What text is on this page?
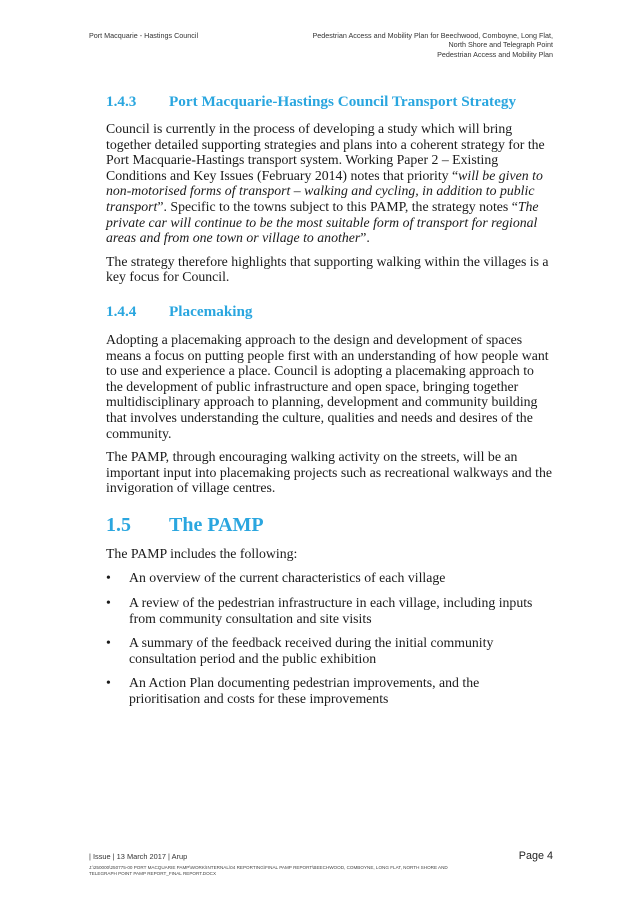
Port Macquarie - Hastings Council	Pedestrian Access and Mobility Plan for Beechwood, Comboyne, Long Flat,
North Shore and Telegraph Point
Pedestrian Access and Mobility Plan
1.4.3 Port Macquarie-Hastings Council Transport Strategy

Council is currently in the process of developing a study which will bring together detailed supporting strategies and plans into a coherent strategy for the Port Macquarie-Hastings transport system. Working Paper 2 – Existing Conditions and Key Issues (February 2014) notes that priority “will be given to non-motorised forms of transport – walking and cycling, in addition to public transport”. Specific to the towns subject to this PAMP, the strategy notes “The private car will continue to be the most suitable form of transport for regional areas and from one town or village to another”.

The strategy therefore highlights that supporting walking within the villages is a key focus for Council.

1.4.4 Placemaking

Adopting a placemaking approach to the design and development of spaces means a focus on putting people first with an understanding of how people want to use and experience a place. Council is adopting a placemaking approach to the development of public infrastructure and open space, bringing together multidisciplinary approach to planning, development and community building that involves understanding the culture, qualities and needs and desires of the community.

The PAMP, through encouraging walking activity on the streets, will be an important input into placemaking projects such as recreational walkways and the invigoration of village centres.

1.5 The PAMP

The PAMP includes the following:

• An overview of the current characteristics of each village
• A review of the pedestrian infrastructure in each village, including inputs from community consultation and site visits
• A summary of the feedback received during the initial community consultation period and the public exhibition
• An Action Plan documenting pedestrian improvements, and the prioritisation and costs for these improvements
| Issue | 13 March 2017 | Arup	Page 4
J:\250000\250775-00 PORT MACQUARIE PAMP\WORK\INTERNAL\04 REPORTING\FINAL PAMP REPORT\BEECHWOOD, COMBOYNE, LONG FLAT, NORTH SHORE AND TELEGRAPH POINT PAMP REPORT_FINAL REPORT.DOCX
